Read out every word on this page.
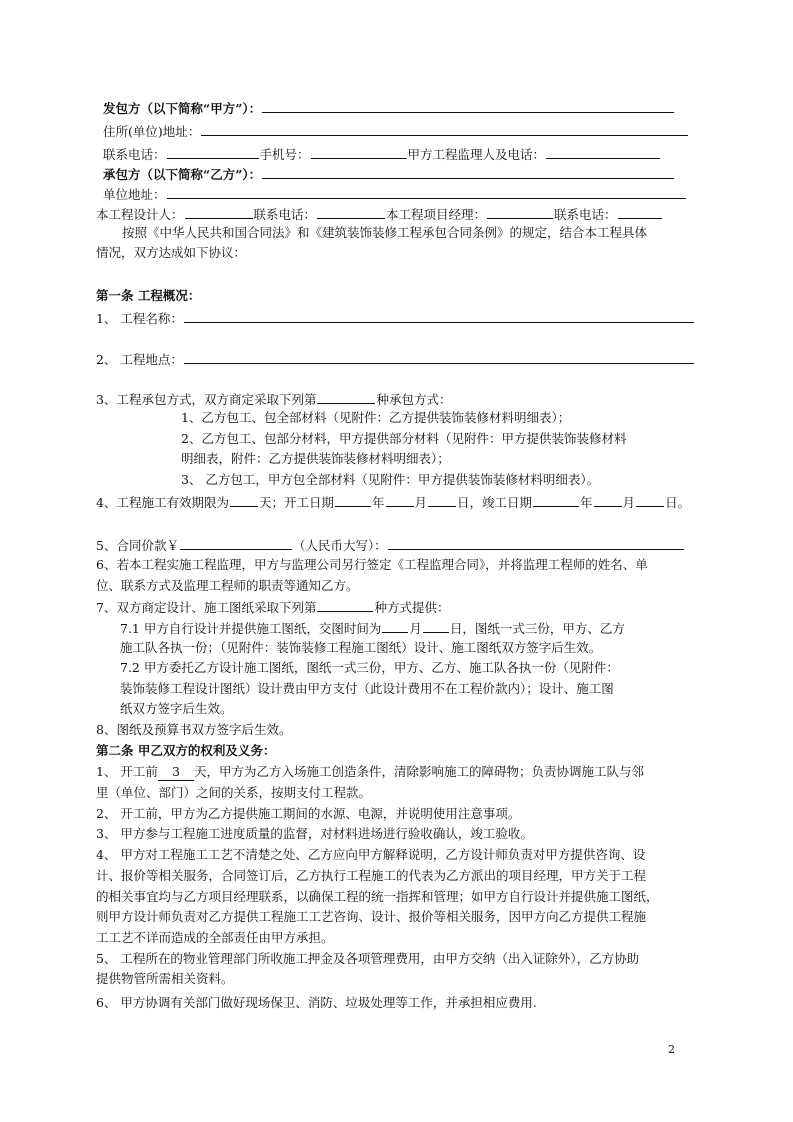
发包方（以下简称“甲方”）：
住所(单位)地址：
联系电话：	手机号：	甲方工程监理人及电话：
承包方（以下简称“乙方”）：
单位地址：
本工程设计人：	联系电话：	本工程项目经理：	联系电话：
按照《中华人民共和国合同法》和《建筑装饰装修工程承包合同条例》的规定，结合本工程具体
情况，双方达成如下协议：
第一条 工程概况：
1、 工程名称：
2、 工程地点：
3、工程承包方式，双方商定采取下列第	种承包方式：
1、乙方包工、包全部材料（见附件：乙方提供装饰装修材料明细表）；
2、乙方包工、包部分材料，甲方提供部分材料（见附件：甲方提供装饰装修材料
明细表，附件：乙方提供装饰装修材料明细表）；
3、 乙方包工，甲方包全部材料（见附件：甲方提供装饰装修材料明细表）。
4、工程施工有效期限为 天；开工日期	年 月 日，竣工日期	年 月 日。
5、合同价款￥	（人民币大写）：
6、若本工程实施工程监理，甲方与监理公司另行签定《工程监理合同》，并将监理工程师的姓名、单
位、联系方式及监理工程师的职责等通知乙方。
7、双方商定设计、施工图纸采取下列第	种方式提供：
7.1 甲方自行设计并提供施工图纸，交图时间为 月 日，图纸一式三份，甲方、乙方
施工队各执一份；（见附件：装饰装修工程施工图纸）设计、施工图纸双方签字后生效。
7.2 甲方委托乙方设计施工图纸，图纸一式三份，甲方、乙方、施工队各执一份（见附件：
装饰装修工程设计图纸）设计费由甲方支付（此设计费用不在工程价款内）；设计、施工图
纸双方签字后生效。
8、图纸及预算书双方签字后生效。
第二条 甲乙双方的权利及义务：
1、 开工前 3 天，甲方为乙方入场施工创造条件，清除影响施工的障碍物；负责协调施工队与邻
里（单位、部门）之间的关系，按期支付工程款。
2、 开工前，甲方为乙方提供施工期间的水源、电源，并说明使用注意事项。
3、 甲方参与工程施工进度质量的监督，对材料进场进行验收确认，竣工验收。
4、 甲方对工程施工工艺不清楚之处、乙方应向甲方解释说明，乙方设计师负责对甲方提供咨询、设
计、报价等相关服务，合同签订后，乙方执行工程施工的代表为乙方派出的项目经理，甲方关于工程
的相关事宜均与乙方项目经理联系，以确保工程的统一指挥和管理；如甲方自行设计并提供施工图纸，
则甲方设计师负责对乙方提供工程施工工艺咨询、设计、报价等相关服务，因甲方向乙方提供工程施
工工艺不详而造成的全部责任由甲方承担。
5、 工程所在的物业管理部门所收施工押金及各项管理费用，由甲方交纳（出入证除外），乙方协助
提供物管所需相关资料。
6、 甲方协调有关部门做好现场保卫、消防、垃圾处理等工作，并承担相应费用.
2
